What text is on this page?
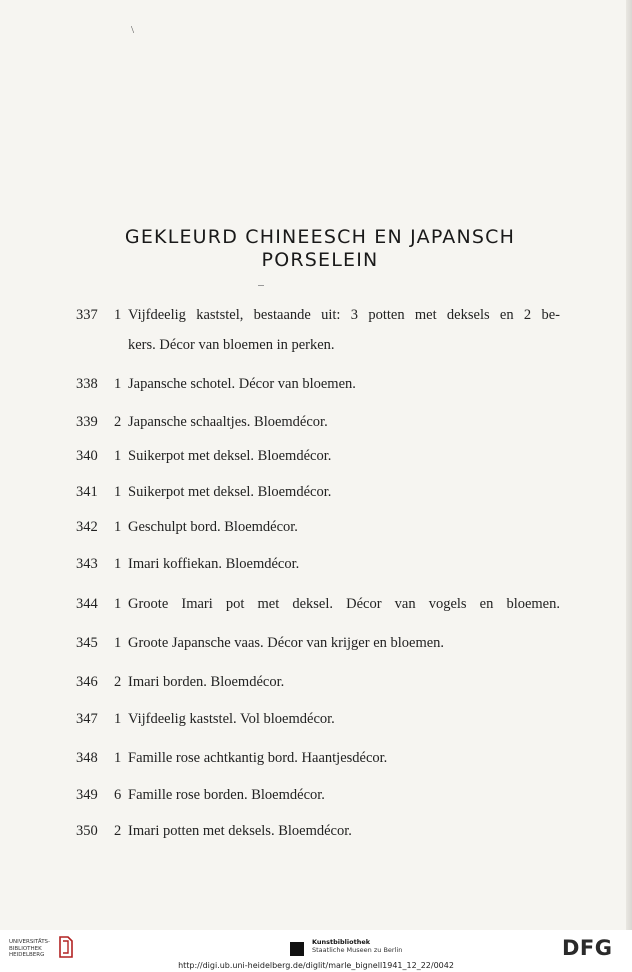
\
GEKLEURD CHINEESCH EN JAPANSCH
PORSELEIN
337 1 Vijfdeelig kaststel, bestaande uit: 3 potten met deksels en 2 be-
kers. Décor van bloemen in perken.
338 1 Japansche schotel. Décor van bloemen.
339 2 Japansche schaaltjes. Bloemdécor.
340 1 Suikerpot met deksel. Bloemdécor.
341 1 Suikerpot met deksel. Bloemdécor.
342 1 Geschulpt bord. Bloemdécor.
343 1 Imari koffiekan. Bloemdécor.
344 1 Groote Imari pot met deksel. Décor van vogels en bloemen.
345 1 Groote Japansche vaas. Décor van krijger en bloemen.
346 2 Imari borden. Bloemdécor.
347 1 Vijfdeelig kaststel. Vol bloemdécor.
348 1 Famille rose achtkantig bord. Haantjesdécor.
349 6 Famille rose borden. Bloemdécor.
350 2 Imari potten met deksels. Bloemdécor.
UNIVERSITÄTS-
BIBLIOTHEK
HEIDELBERG
Kunstbibliothek
Staatliche Museen zu Berlin	DFG
http://digi.ub.uni-heidelberg.de/diglit/marle_bignell1941_12_22/0042
